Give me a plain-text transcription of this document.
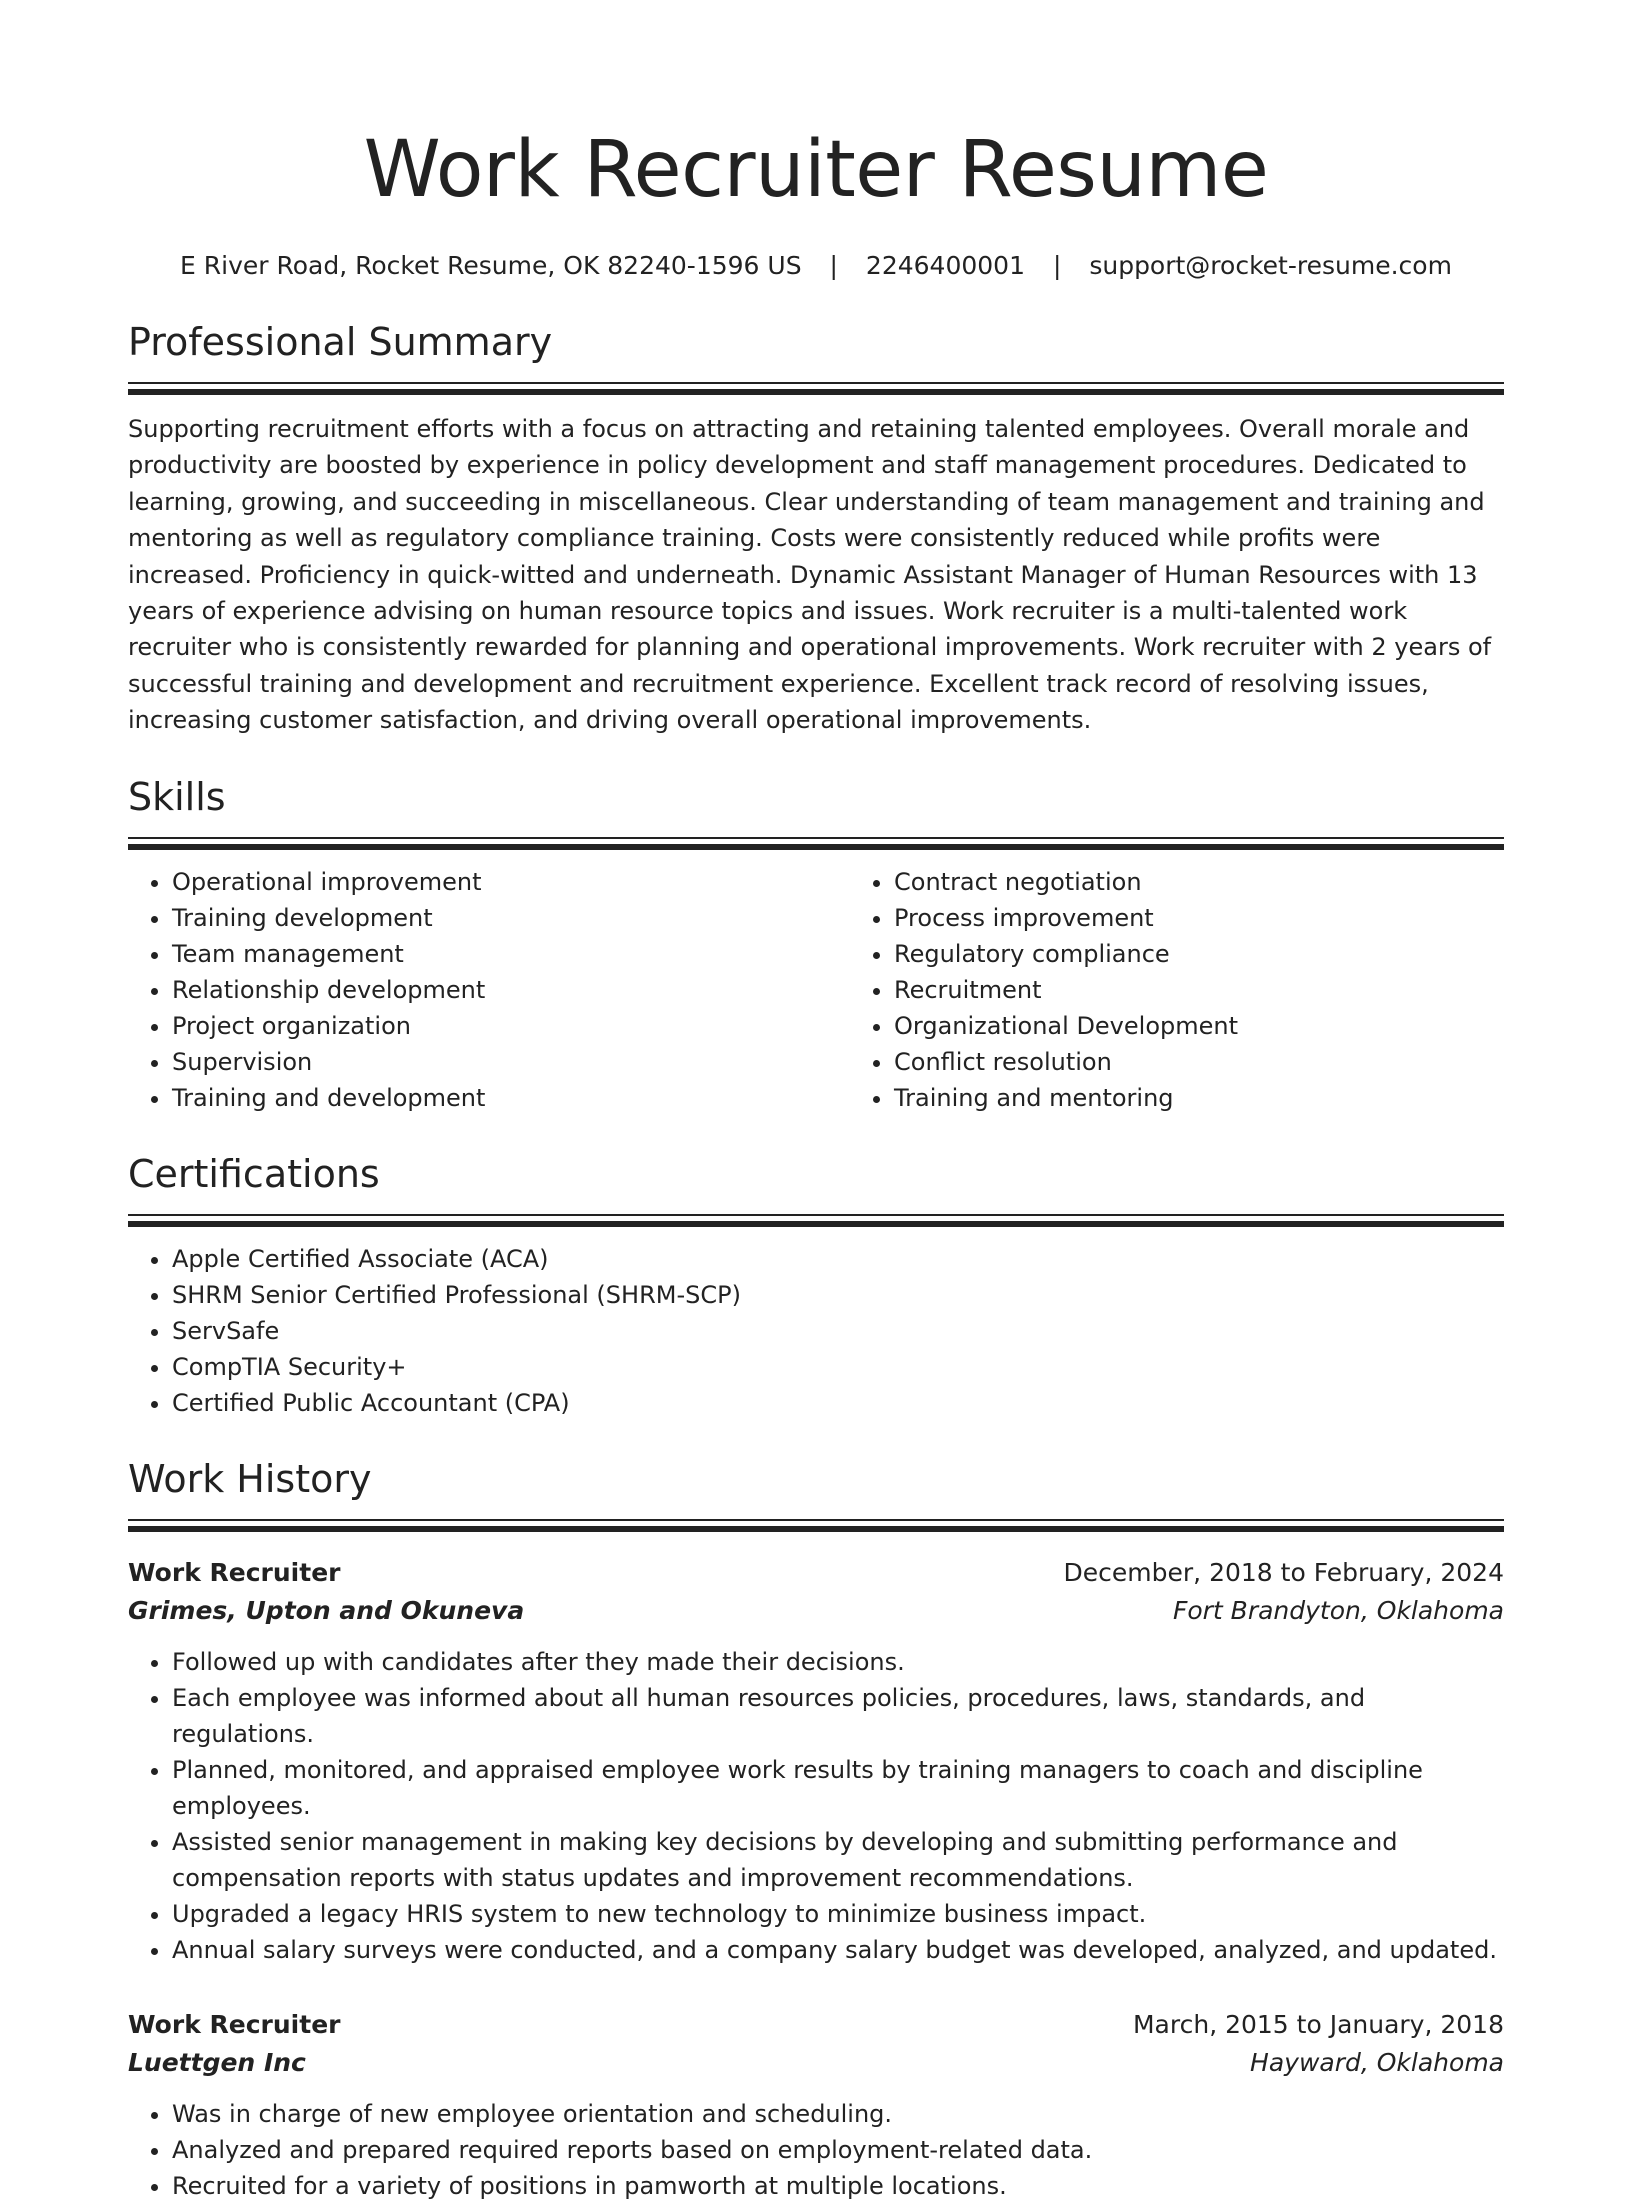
Work Recruiter Resume
E River Road, Rocket Resume, OK 82240-1596 US | 2246400001 | support@rocket-resume.com
Professional Summary

Supporting recruitment efforts with a focus on attracting and retaining talented employees. Overall morale and productivity are boosted by experience in policy development and staff management procedures. Dedicated to learning, growing, and succeeding in miscellaneous. Clear understanding of team management and training and mentoring as well as regulatory compliance training. Costs were consistently reduced while profits were increased. Proficiency in quick-witted and underneath. Dynamic Assistant Manager of Human Resources with 13 years of experience advising on human resource topics and issues. Work recruiter is a multi-talented work recruiter who is consistently rewarded for planning and operational improvements. Work recruiter with 2 years of successful training and development and recruitment experience. Excellent track record of resolving issues, increasing customer satisfaction, and driving overall operational improvements.

Skills
• Operational improvement
• Training development
• Team management
• Relationship development
• Project organization
• Supervision
• Training and development
• Contract negotiation
• Process improvement
• Regulatory compliance
• Recruitment
• Organizational Development
• Conflict resolution
• Training and mentoring
Certifications
• Apple Certified Associate (ACA)
• SHRM Senior Certified Professional (SHRM-SCP)
• ServSafe
• CompTIA Security+
• Certified Public Accountant (CPA)
Work History
Work Recruiter	December, 2018 to February, 2024
Grimes, Upton and Okuneva	Fort Brandyton, Oklahoma
• Followed up with candidates after they made their decisions.
• Each employee was informed about all human resources policies, procedures, laws, standards, and regulations.
• Planned, monitored, and appraised employee work results by training managers to coach and discipline employees.
• Assisted senior management in making key decisions by developing and submitting performance and compensation reports with status updates and improvement recommendations.
• Upgraded a legacy HRIS system to new technology to minimize business impact.
• Annual salary surveys were conducted, and a company salary budget was developed, analyzed, and updated.
Work Recruiter	March, 2015 to January, 2018
Luettgen Inc	Hayward, Oklahoma
• Was in charge of new employee orientation and scheduling.
• Analyzed and prepared required reports based on employment-related data.
• Recruited for a variety of positions in pamworth at multiple locations.
